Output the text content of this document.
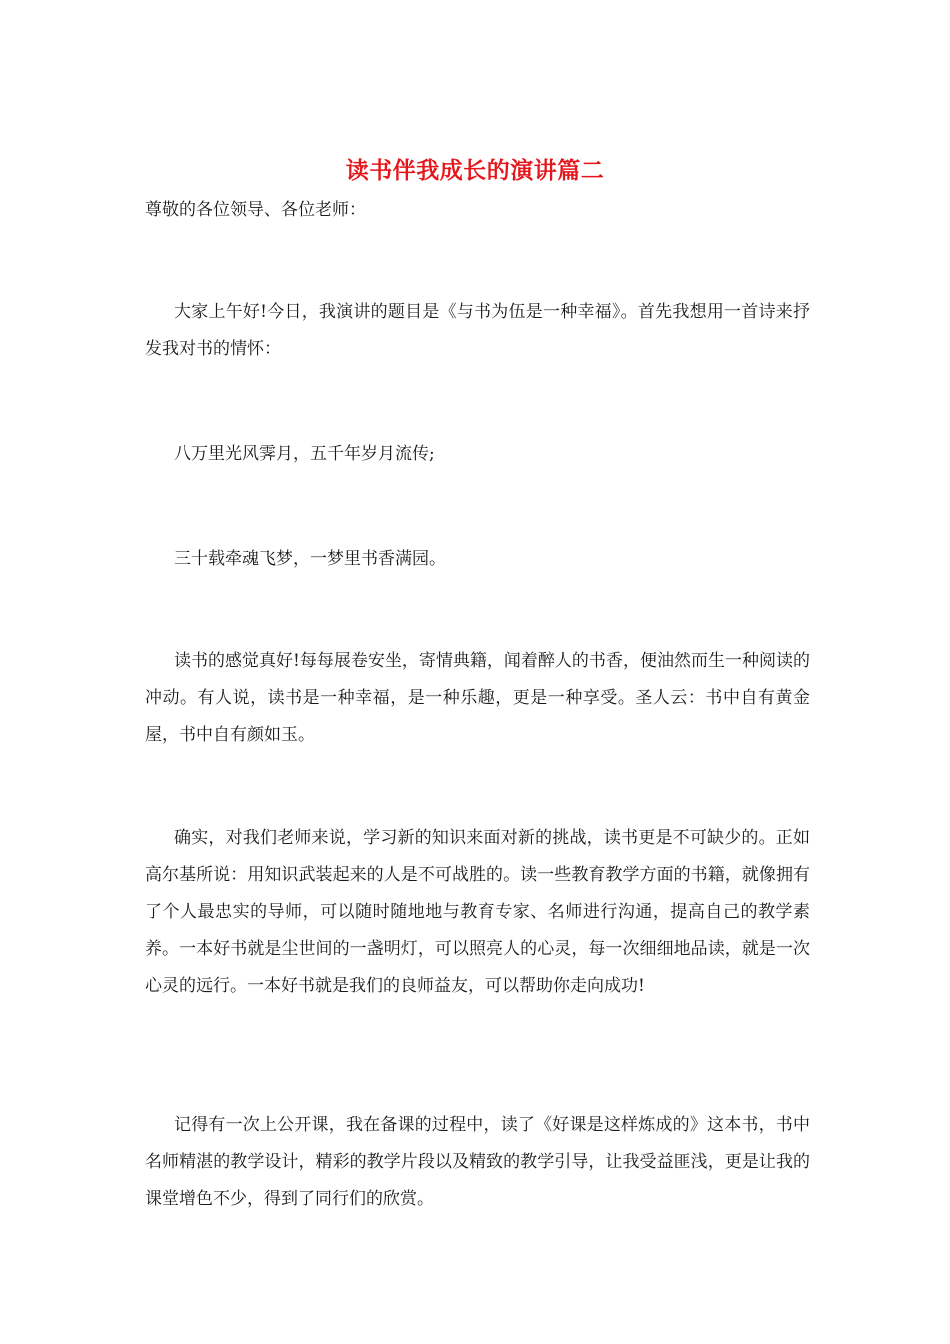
读书伴我成长的演讲篇二
尊敬的各位领导、各位老师：

大家上午好!今日，我演讲的题目是《与书为伍是一种幸福》。首先我想用一首诗来抒发我对书的情怀：

八万里光风霁月，五千年岁月流传;

三十载牵魂飞梦，一梦里书香满园。

读书的感觉真好!每每展卷安坐，寄情典籍，闻着醉人的书香，便油然而生一种阅读的冲动。有人说，读书是一种幸福，是一种乐趣，更是一种享受。圣人云：书中自有黄金屋，书中自有颜如玉。

确实，对我们老师来说，学习新的知识来面对新的挑战，读书更是不可缺少的。正如高尔基所说：用知识武装起来的人是不可战胜的。读一些教育教学方面的书籍，就像拥有了个人最忠实的导师，可以随时随地地与教育专家、名师进行沟通，提高自己的教学素养。一本好书就是尘世间的一盏明灯，可以照亮人的心灵，每一次细细地品读，就是一次心灵的远行。一本好书就是我们的良师益友，可以帮助你走向成功!

记得有一次上公开课，我在备课的过程中，读了《好课是这样炼成的》这本书，书中名师精湛的教学设计，精彩的教学片段以及精致的教学引导，让我受益匪浅，更是让我的课堂增色不少，得到了同行们的欣赏。
